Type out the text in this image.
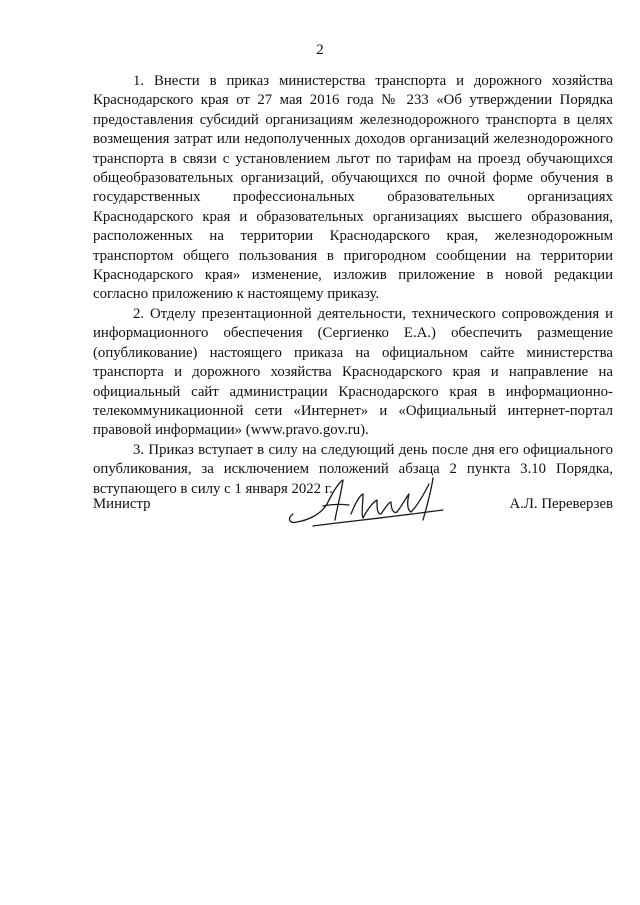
2

1. Внести в приказ министерства транспорта и дорожного хозяйства Краснодарского края от 27 мая 2016 года № 233 «Об утверждении Порядка предоставления субсидий организациям железнодорожного транспорта в целях возмещения затрат или недополученных доходов организаций железнодорожного транспорта в связи с установлением льгот по тарифам на проезд обучающихся общеобразовательных организаций, обучающихся по очной форме обучения в государственных профессиональных образовательных организациях Краснодарского края и образовательных организациях высшего образования, расположенных на территории Краснодарского края, железнодорожным транспортом общего пользования в пригородном сообщении на территории Краснодарского края» изменение, изложив приложение в новой редакции согласно приложению к настоящему приказу.

2. Отделу презентационной деятельности, технического сопровождения и информационного обеспечения (Сергиенко Е.А.) обеспечить размещение (опубликование) настоящего приказа на официальном сайте министерства транспорта и дорожного хозяйства Краснодарского края и направление на официальный сайт администрации Краснодарского края в информационно-телекоммуникационной сети «Интернет» и «Официальный интернет-портал правовой информации» (www.pravo.gov.ru).

3. Приказ вступает в силу на следующий день после дня его официального опубликования, за исключением положений абзаца 2 пункта 3.10 Порядка, вступающего в силу с 1 января 2022 г.

Министр	А.Л. Переверзев
